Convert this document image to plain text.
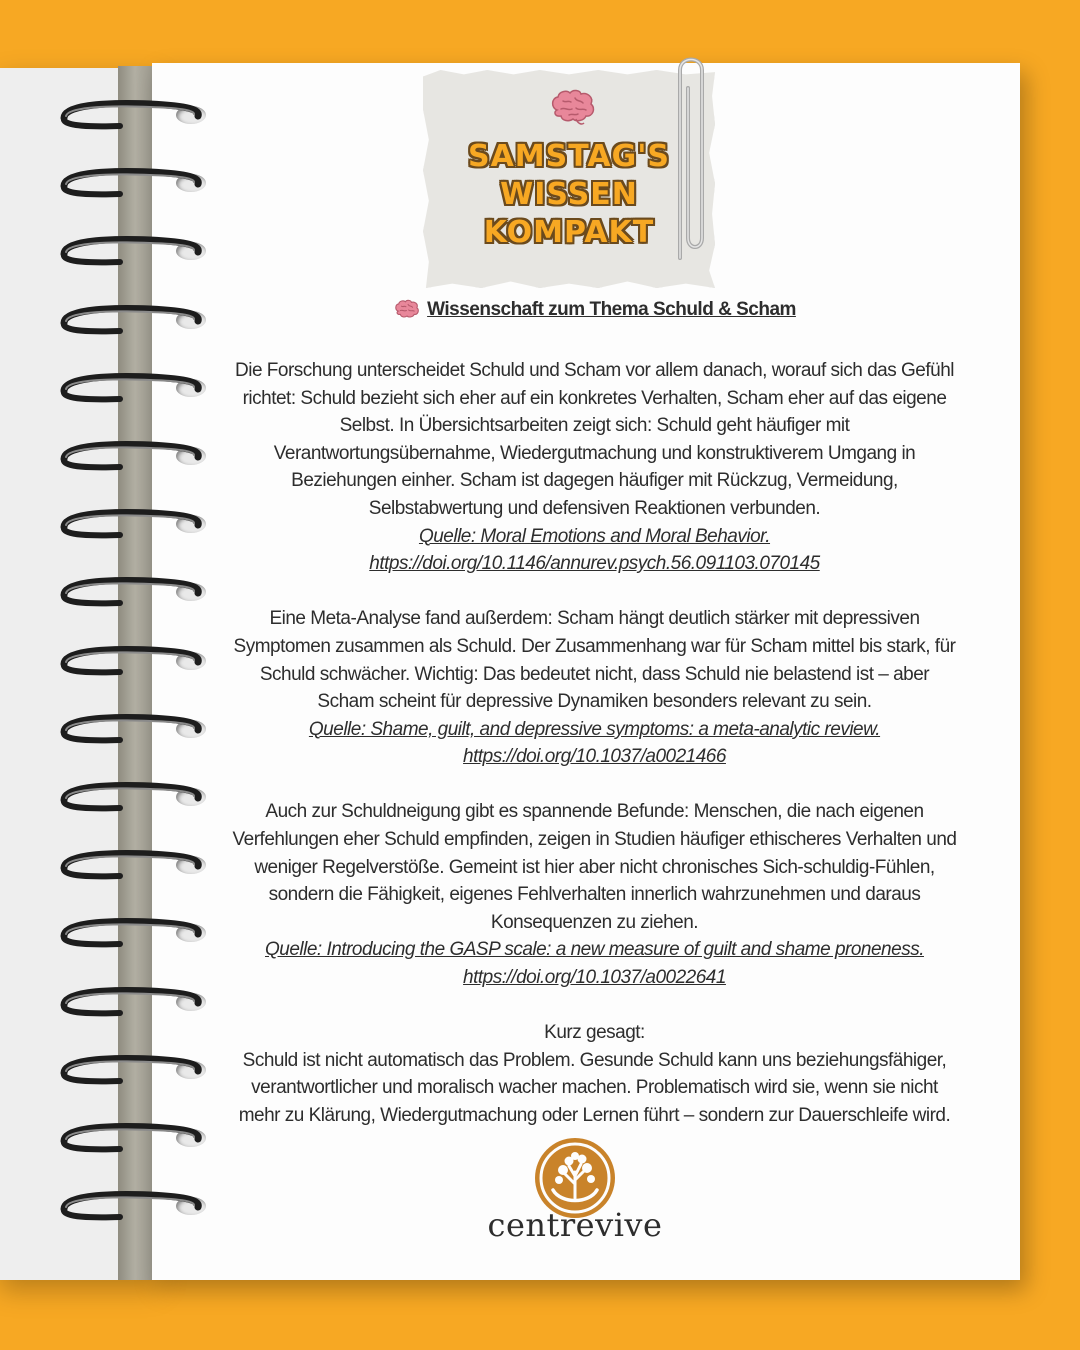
SAMSTAG'S
WISSEN KOMPAKT
Wissenschaft zum Thema Schuld & Scham
Die Forschung unterscheidet Schuld und Scham vor allem danach, worauf sich das Gefühl
richtet: Schuld bezieht sich eher auf ein konkretes Verhalten, Scham eher auf das eigene
Selbst. In Übersichtsarbeiten zeigt sich: Schuld geht häufiger mit
Verantwortungsübernahme, Wiedergutmachung und konstruktiverem Umgang in
Beziehungen einher. Scham ist dagegen häufiger mit Rückzug, Vermeidung,
Selbstabwertung und defensiven Reaktionen verbunden.
Quelle: Moral Emotions and Moral Behavior.
https://doi.org/10.1146/annurev.psych.56.091103.070145
Eine Meta-Analyse fand außerdem: Scham hängt deutlich stärker mit depressiven
Symptomen zusammen als Schuld. Der Zusammenhang war für Scham mittel bis stark, für
Schuld schwächer. Wichtig: Das bedeutet nicht, dass Schuld nie belastend ist – aber
Scham scheint für depressive Dynamiken besonders relevant zu sein.
Quelle: Shame, guilt, and depressive symptoms: a meta-analytic review.
https://doi.org/10.1037/a0021466
Auch zur Schuldneigung gibt es spannende Befunde: Menschen, die nach eigenen
Verfehlungen eher Schuld empfinden, zeigen in Studien häufiger ethischeres Verhalten und
weniger Regelverstöße. Gemeint ist hier aber nicht chronisches Sich-schuldig-Fühlen,
sondern die Fähigkeit, eigenes Fehlverhalten innerlich wahrzunehmen und daraus
Konsequenzen zu ziehen.
Quelle: Introducing the GASP scale: a new measure of guilt and shame proneness.
https://doi.org/10.1037/a0022641
Kurz gesagt:
Schuld ist nicht automatisch das Problem. Gesunde Schuld kann uns beziehungsfähiger,
verantwortlicher und moralisch wacher machen. Problematisch wird sie, wenn sie nicht
mehr zu Klärung, Wiedergutmachung oder Lernen führt – sondern zur Dauerschleife wird.
centrevive
